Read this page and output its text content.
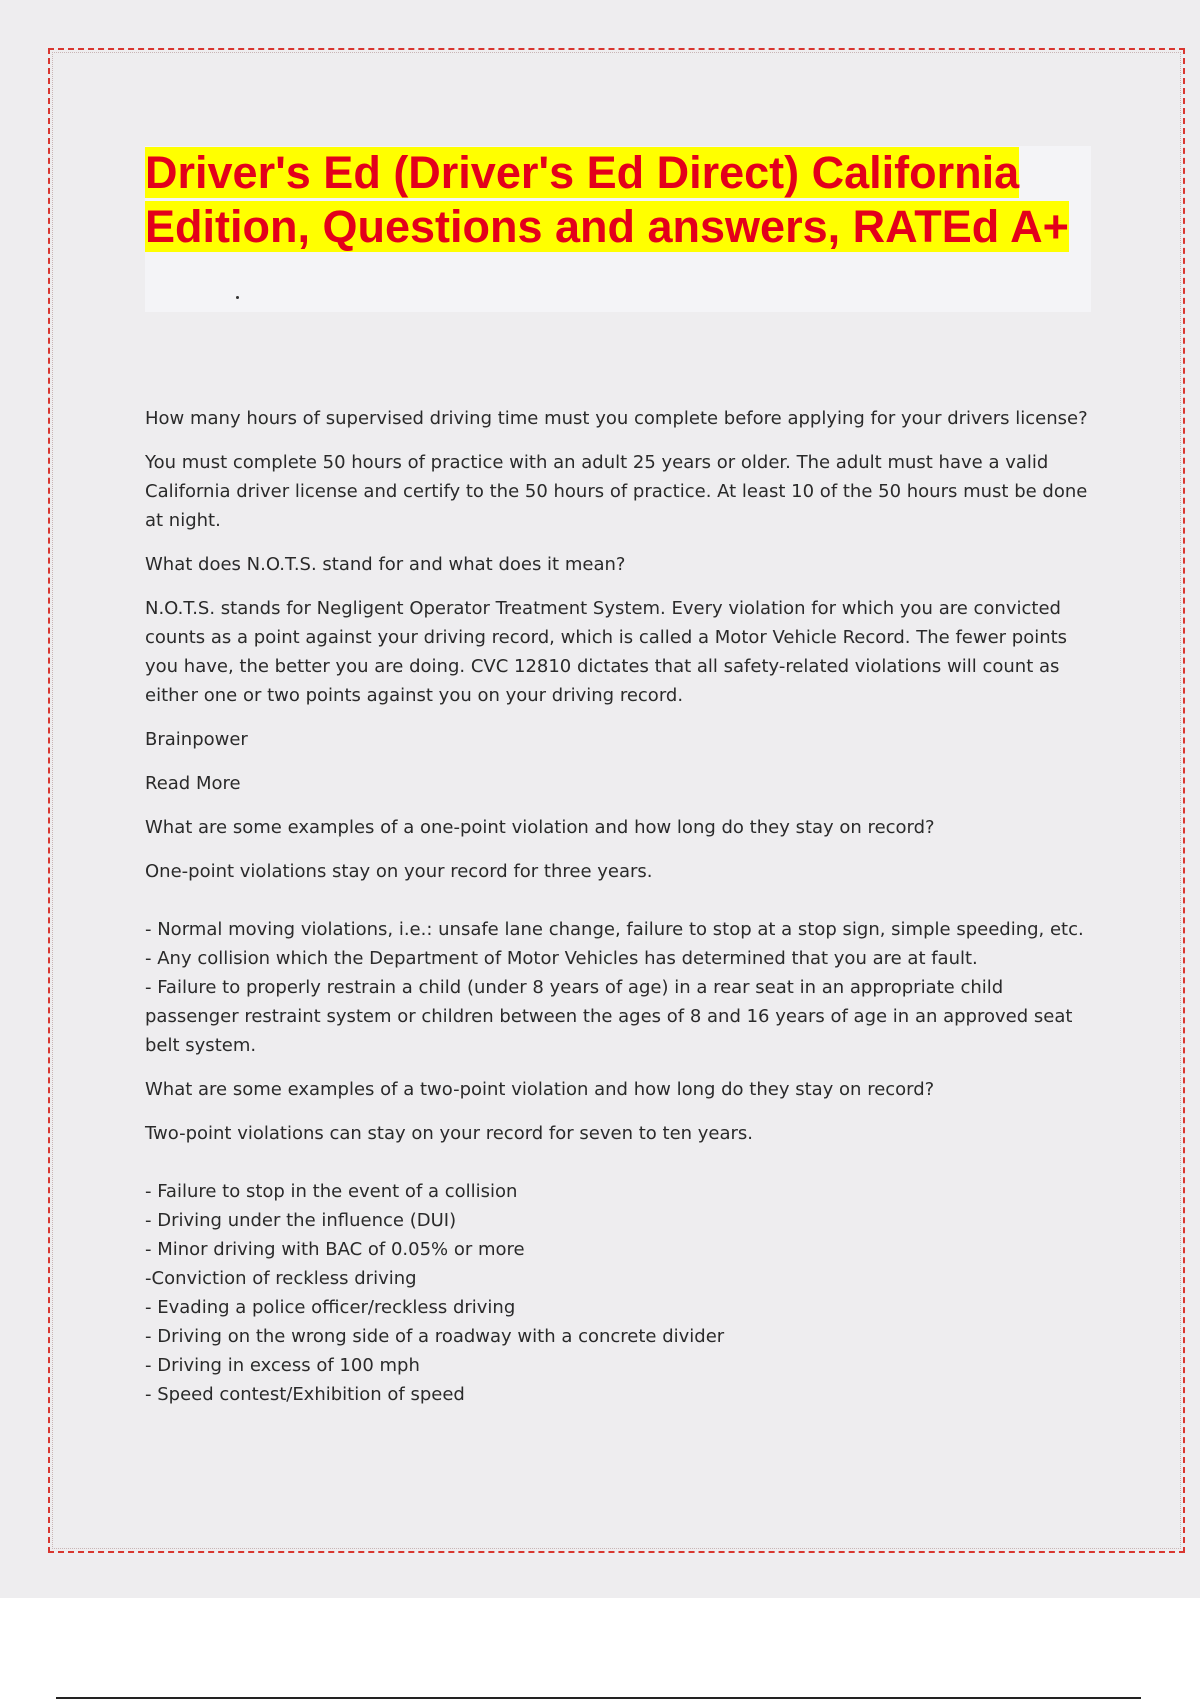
Driver's Ed (Driver's Ed Direct) California Edition, Questions and answers, RATEd A+

How many hours of supervised driving time must you complete before applying for your drivers license?

You must complete 50 hours of practice with an adult 25 years or older. The adult must have a valid California driver license and certify to the 50 hours of practice. At least 10 of the 50 hours must be done at night.

What does N.O.T.S. stand for and what does it mean?

N.O.T.S. stands for Negligent Operator Treatment System. Every violation for which you are convicted counts as a point against your driving record, which is called a Motor Vehicle Record. The fewer points you have, the better you are doing. CVC 12810 dictates that all safety-related violations will count as either one or two points against you on your driving record.

Brainpower

Read More

What are some examples of a one-point violation and how long do they stay on record?

One-point violations stay on your record for three years.

- Normal moving violations, i.e.: unsafe lane change, failure to stop at a stop sign, simple speeding, etc.
- Any collision which the Department of Motor Vehicles has determined that you are at fault.
- Failure to properly restrain a child (under 8 years of age) in a rear seat in an appropriate child passenger restraint system or children between the ages of 8 and 16 years of age in an approved seat belt system.

What are some examples of a two-point violation and how long do they stay on record?

Two-point violations can stay on your record for seven to ten years.

- Failure to stop in the event of a collision
- Driving under the influence (DUI)
- Minor driving with BAC of 0.05% or more
-Conviction of reckless driving
- Evading a police officer/reckless driving
- Driving on the wrong side of a roadway with a concrete divider
- Driving in excess of 100 mph
- Speed contest/Exhibition of speed
